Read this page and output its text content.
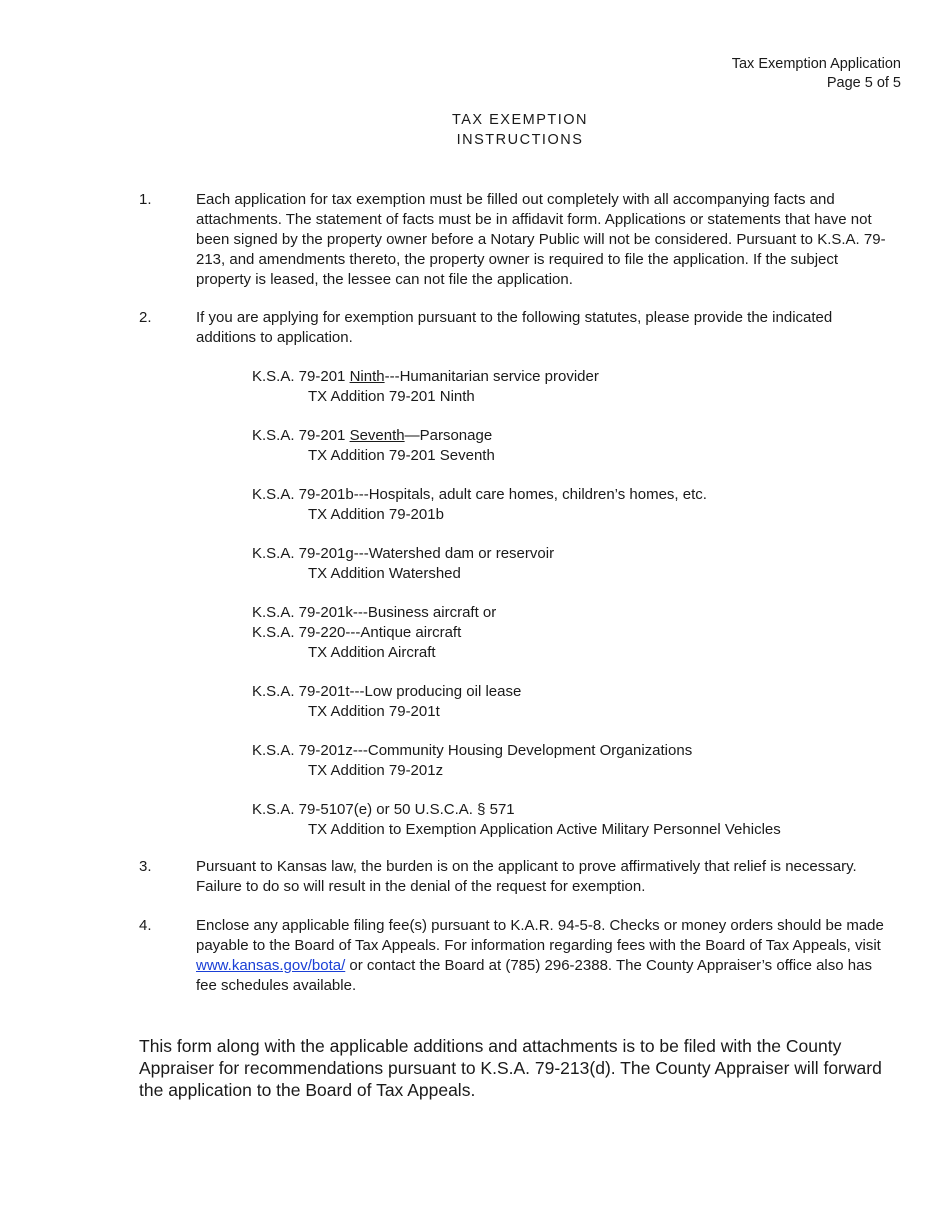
Tax Exemption Application
Page 5 of 5
TAX EXEMPTION
INSTRUCTIONS
1.	Each application for tax exemption must be filled out completely with all accompanying facts and attachments. The statement of facts must be in affidavit form. Applications or statements that have not been signed by the property owner before a Notary Public will not be considered. Pursuant to K.S.A. 79-213, and amendments thereto, the property owner is required to file the application. If the subject property is leased, the lessee can not file the application.
2.	If you are applying for exemption pursuant to the following statutes, please provide the indicated additions to application.
K.S.A. 79-201 Ninth---Humanitarian service provider
TX Addition 79-201 Ninth
K.S.A. 79-201 Seventh—Parsonage
TX Addition 79-201 Seventh
K.S.A. 79-201b---Hospitals, adult care homes, children’s homes, etc.
TX Addition 79-201b
K.S.A. 79-201g---Watershed dam or reservoir
TX Addition Watershed
K.S.A. 79-201k---Business aircraft or
K.S.A. 79-220---Antique aircraft
TX Addition Aircraft
K.S.A. 79-201t---Low producing oil lease
TX Addition 79-201t
K.S.A. 79-201z---Community Housing Development Organizations
TX Addition 79-201z
K.S.A. 79-5107(e) or 50 U.S.C.A. § 571
TX Addition to Exemption Application Active Military Personnel Vehicles
3.	Pursuant to Kansas law, the burden is on the applicant to prove affirmatively that relief is necessary. Failure to do so will result in the denial of the request for exemption.
4.	Enclose any applicable filing fee(s) pursuant to K.A.R. 94-5-8. Checks or money orders should be made payable to the Board of Tax Appeals. For information regarding fees with the Board of Tax Appeals, visit www.kansas.gov/bota/ or contact the Board at (785) 296-2388. The County Appraiser’s office also has fee schedules available.
This form along with the applicable additions and attachments is to be filed with the County Appraiser for recommendations pursuant to K.S.A. 79-213(d). The County Appraiser will forward the application to the Board of Tax Appeals.
